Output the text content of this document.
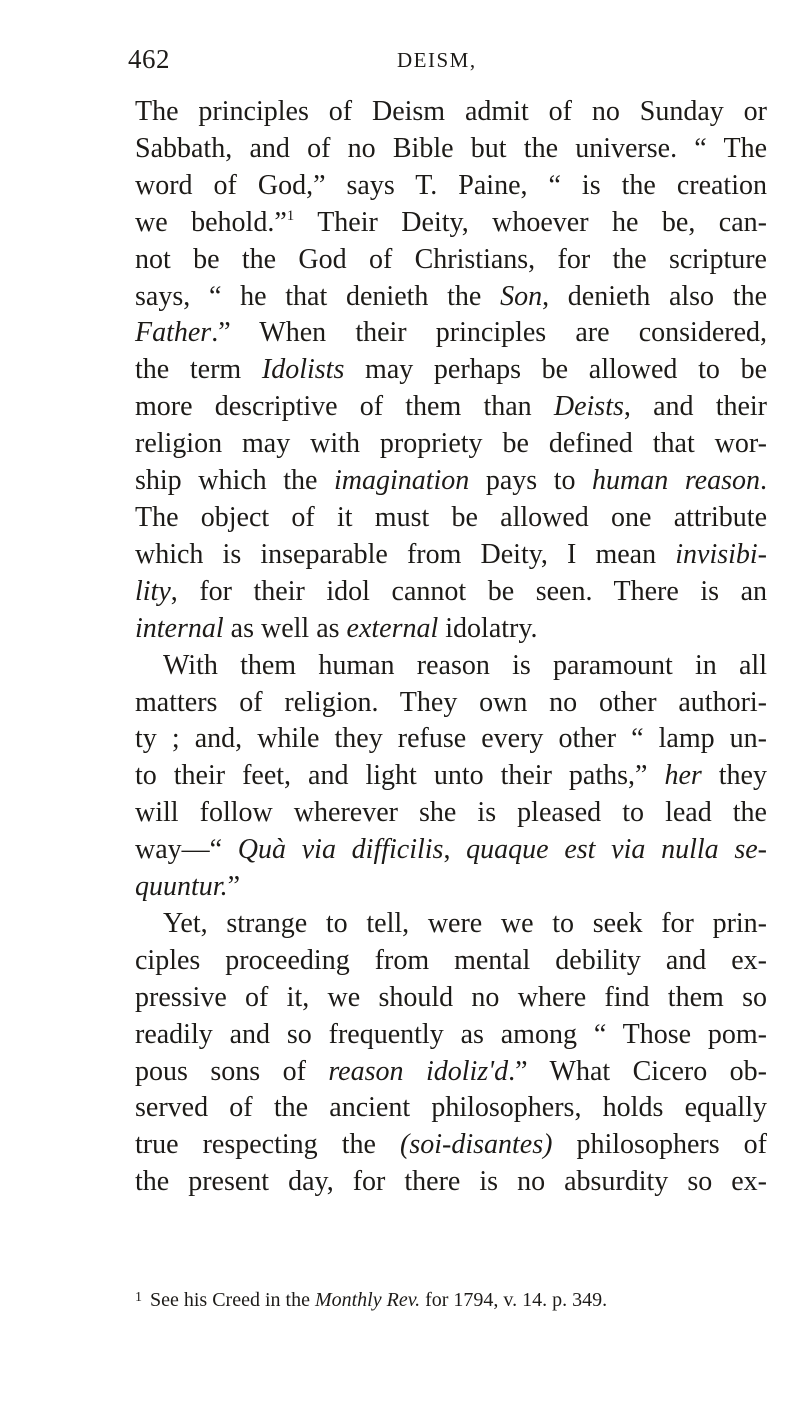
462	DEISM,
The principles of Deism admit of no Sunday or
Sabbath, and of no Bible but the universe. “ The
word of God,” says T. Paine, “ is the creation
we behold.”$^1$ Their Deity, whoever he be, can-
not be the God of Christians, for the scripture
says, “ he that denieth the Son, denieth also the
Father.” When their principles are considered,
the term Idolists may perhaps be allowed to be
more descriptive of them than Deists, and their
religion may with propriety be defined that wor-
ship which the imagination pays to human reason.
The object of it must be allowed one attribute
which is inseparable from Deity, I mean invisibi-
lity, for their idol cannot be seen. There is an
internal as well as external idolatry.
With them human reason is paramount in all
matters of religion. They own no other authori-
ty ; and, while they refuse every other “ lamp un-
to their feet, and light unto their paths,” her they
will follow wherever she is pleased to lead the
way—“ Quà via difficilis, quaque est via nulla se-
quuntur.”
Yet, strange to tell, were we to seek for prin-
ciples proceeding from mental debility and ex-
pressive of it, we should no where find them so
readily and so frequently as among “ Those pom-
pous sons of reason idoliz'd.” What Cicero ob-
served of the ancient philosophers, holds equally
true respecting the (soi-disantes) philosophers of
the present day, for there is no absurdity so ex-
$^1$ See his Creed in the Monthly Rev. for 1794, v. 14. p. 349.
